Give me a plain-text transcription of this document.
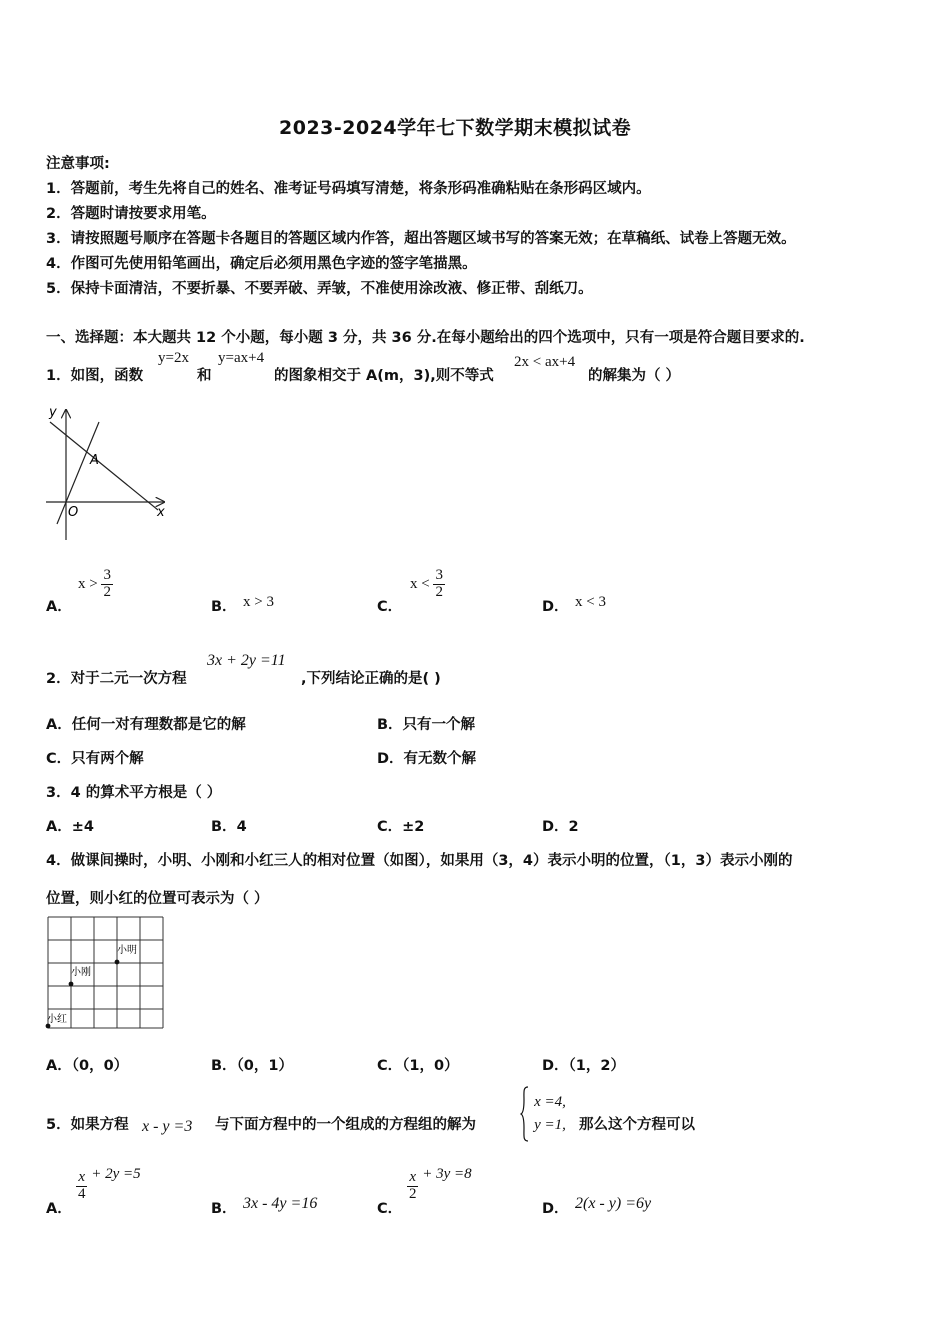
2023-2024学年七下数学期末模拟试卷
注意事项:
1．答题前，考生先将自己的姓名、准考证号码填写清楚，将条形码准确粘贴在条形码区域内。
2．答题时请按要求用笔。
3．请按照题号顺序在答题卡各题目的答题区域内作答，超出答题区域书写的答案无效；在草稿纸、试卷上答题无效。
4．作图可先使用铅笔画出，确定后必须用黑色字迹的签字笔描黑。
5．保持卡面清洁，不要折暴、不要弄破、弄皱，不准使用涂改液、修正带、刮纸刀。
一、选择题：本大题共 12 个小题，每小题 3 分，共 36 分.在每小题给出的四个选项中，只有一项是符合题目要求的.
1．如图，函数
y=2x
和
y=ax+4
的图象相交于 A(m，3),则不等式
2x < ax+4
的解集为（ ）
y
x
O
A
A．
$x > \frac{3}{2}$
B． x > 3	C．
$x < \frac{3}{2}$
D． x < 3
2．对于二元一次方程
3x + 2y =11
,下列结论正确的是( )
A．任何一对有理数都是它的解	B．只有一个解
C．只有两个解	D．有无数个解
3．4 的算术平方根是（ ）
A．±4	B．4	C．±2	D．2
4．做课间操时，小明、小刚和小红三人的相对位置（如图），如果用（3，4）表示小明的位置，（1，3）表示小刚的
位置，则小红的位置可表示为（ ）
小明
小刚
小红
A．（0，0）	B．（0，1）	C．（1，0）	D．（1，2）
5．如果方程 x - y =3 与下面方程中的一个组成的方程组的解为
x =4,
y =1, 那么这个方程可以
A．
$\frac{x}{4} + 2y =5$
B． 3x - 4y =16	C．
$\frac{x}{2} + 3y =8$
D． 2(x - y) =6y
